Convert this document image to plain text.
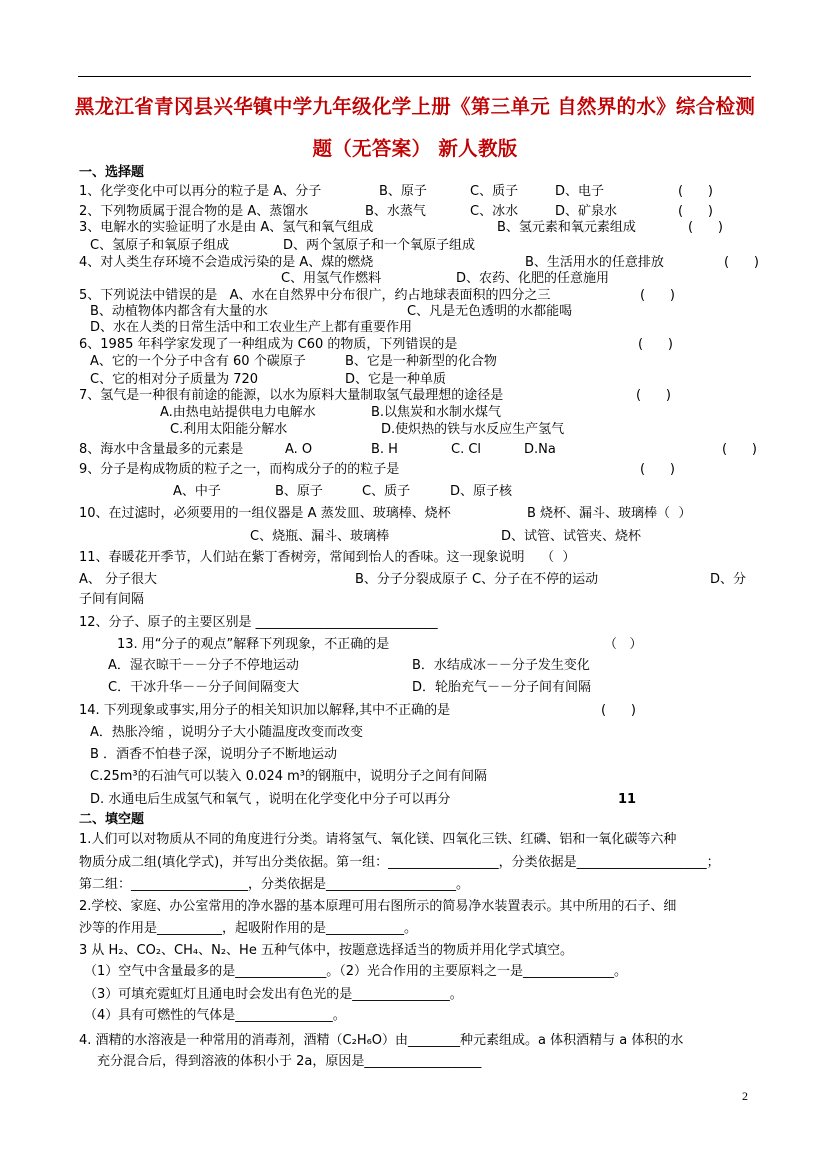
黑龙江省青冈县兴华镇中学九年级化学上册《第三单元 自然界的水》综合检测
题（无答案） 新人教版
一、选择题
1、化学变化中可以再分的粒子是 A、分子	B、原子	C、质子	D、电子	(      )
2、下列物质属于混合物的是 A、蒸馏水	B、水蒸气	C、冰水	D、矿泉水	(      )
3、电解水的实验证明了水是由 A、氢气和氧气组成	B、氢元素和氧元素组成	(      )
C、氢原子和氧原子组成	D、两个氢原子和一个氧原子组成
4、对人类生存环境不会造成污染的是 A、煤的燃烧	B、生活用水的任意排放	(      )
C、用氢气作燃料	D、农药、化肥的任意施用
5、下列说法中错误的是   A、水在自然界中分布很广，约占地球表面积的四分之三	(      )
B、动植物体内都含有大量的水	C、凡是无色透明的水都能喝
D、水在人类的日常生活中和工农业生产上都有重要作用
6、1985 年科学家发现了一种组成为 C60 的物质，下列错误的是	(      )
A、它的一个分子中含有 60 个碳原子	B、它是一种新型的化合物
C、它的相对分子质量为 720	D、它是一种单质
7、氢气是一种很有前途的能源，以水为原料大量制取氢气最理想的途径是	(      )
A.由热电站提供电力电解水	B.以焦炭和水制水煤气
C.利用太阳能分解水	D.使炽热的铁与水反应生产氢气
8、海水中含量最多的元素是	A. O	B. H	C. Cl	D.Na	(      )
9、分子是构成物质的粒子之一，而构成分子的的粒子是	(      )
A、中子	B、原子	C、质子	D、原子核
10、在过滤时，必须要用的一组仪器是 A 蒸发皿、玻璃棒、烧杯	B 烧杯、漏斗、玻璃棒（  ）
C、烧瓶、漏斗、玻璃棒	D、试管、试管夹、烧杯
11、春暖花开季节，人们站在紫丁香树旁，常闻到怡人的香味。这一现象说明    （  ）
A、 分子很大	B、分子分裂成原子 C、分子在不停的运动	D、分
子间有间隔
12、分子、原子的主要区别是 ____________________________
13. 用“分子的观点”解释下列现象，不正确的是	（   ）
A．湿衣晾干－－分子不停地运动	B．水结成冰－－分子发生变化
C．干冰升华－－分子间间隔变大	D．轮胎充气－－分子间有间隔
14. 下列现象或事实,用分子的相关知识加以解释,其中不正确的是	(      )
A．热胀冷缩 ，说明分子大小随温度改变而改变
B ．酒香不怕巷子深，说明分子不断地运动
C.25m³的石油气可以装入 0.024 m³的钢瓶中，说明分子之间有间隔
D. 水通电后生成氢气和氧气 ，说明在化学变化中分子可以再分	11
二、填空题
1.人们可以对物质从不同的角度进行分类。请将氢气、氧化镁、四氧化三铁、红磷、铝和一氧化碳等六种
物质分成二组(填化学式)，并写出分类依据。第一组：_________________，分类依据是____________________；
第二组：__________________，分类依据是____________________。
2.学校、家庭、办公室常用的净水器的基本原理可用右图所示的简易净水装置表示。其中所用的石子、细
沙等的作用是__________，起吸附作用的是____________。
3 从 H₂、CO₂、CH₄、N₂、He 五种气体中，按题意选择适当的物质并用化学式填空。
（1）空气中含量最多的是______________。（2）光合作用的主要原料之一是______________。
（3）可填充霓虹灯且通电时会发出有色光的是_______________。
（4）具有可燃性的气体是_______________。
4. 酒精的水溶液是一种常用的消毒剂，酒精（C₂H₆O）由________种元素组成。a 体积酒精与 a 体积的水
充分混合后，得到溶液的体积小于 2a，原因是__________________
2
